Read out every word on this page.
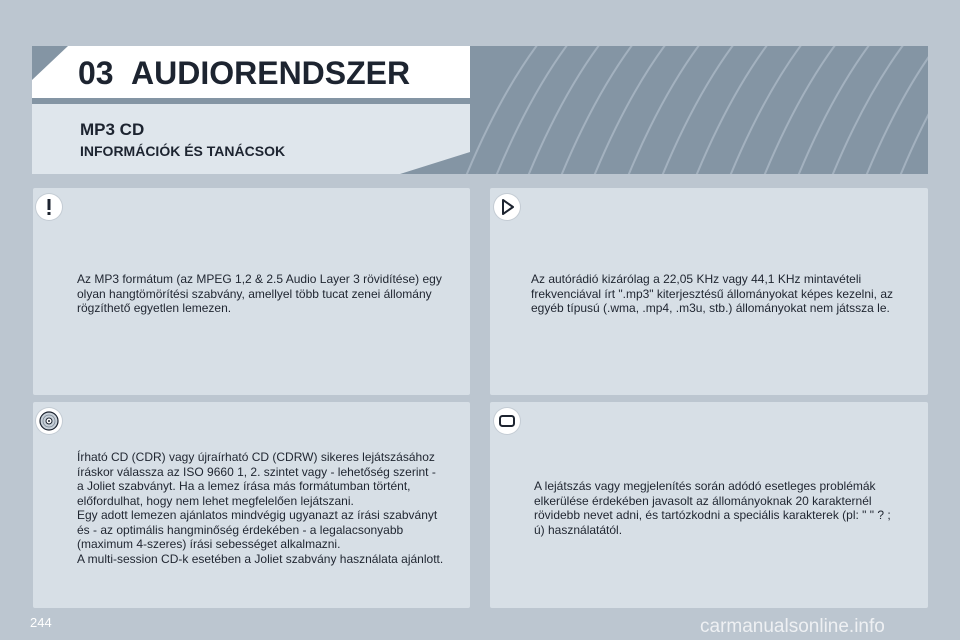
03 AUDIORENDSZER
MP3 CD
INFORMÁCIÓK ÉS TANÁCSOK

Az MP3 formátum (az MPEG 1,2 & 2.5 Audio Layer 3 rövidítése) egy
olyan hangtömörítési szabvány, amellyel több tucat zenei állomány
rögzíthető egyetlen lemezen.

Az autórádió kizárólag a 22,05 KHz vagy 44,1 KHz mintavételi
frekvenciával írt ".mp3" kiterjesztésű állományokat képes kezelni, az
egyéb típusú (.wma, .mp4, .m3u, stb.) állományokat nem játssza le.

Írható CD (CDR) vagy újraírható CD (CDRW) sikeres lejátszásához
íráskor válassza az ISO 9660 1, 2. szintet vagy - lehetőség szerint -
a Joliet szabványt. Ha a lemez írása más formátumban történt,
előfordulhat, hogy nem lehet megfelelően lejátszani.
Egy adott lemezen ajánlatos mindvégig ugyanazt az írási szabványt
és - az optimális hangminőség érdekében - a legalacsonyabb
(maximum 4-szeres) írási sebességet alkalmazni.
A multi-session CD-k esetében a Joliet szabvány használata ajánlott.

A lejátszás vagy megjelenítés során adódó esetleges problémák
elkerülése érdekében javasolt az állományoknak 20 karakternél
rövidebb nevet adni, és tartózkodni a speciális karakterek (pl: " " ? ;
ú) használatától.

244	carmanualsonline.info
